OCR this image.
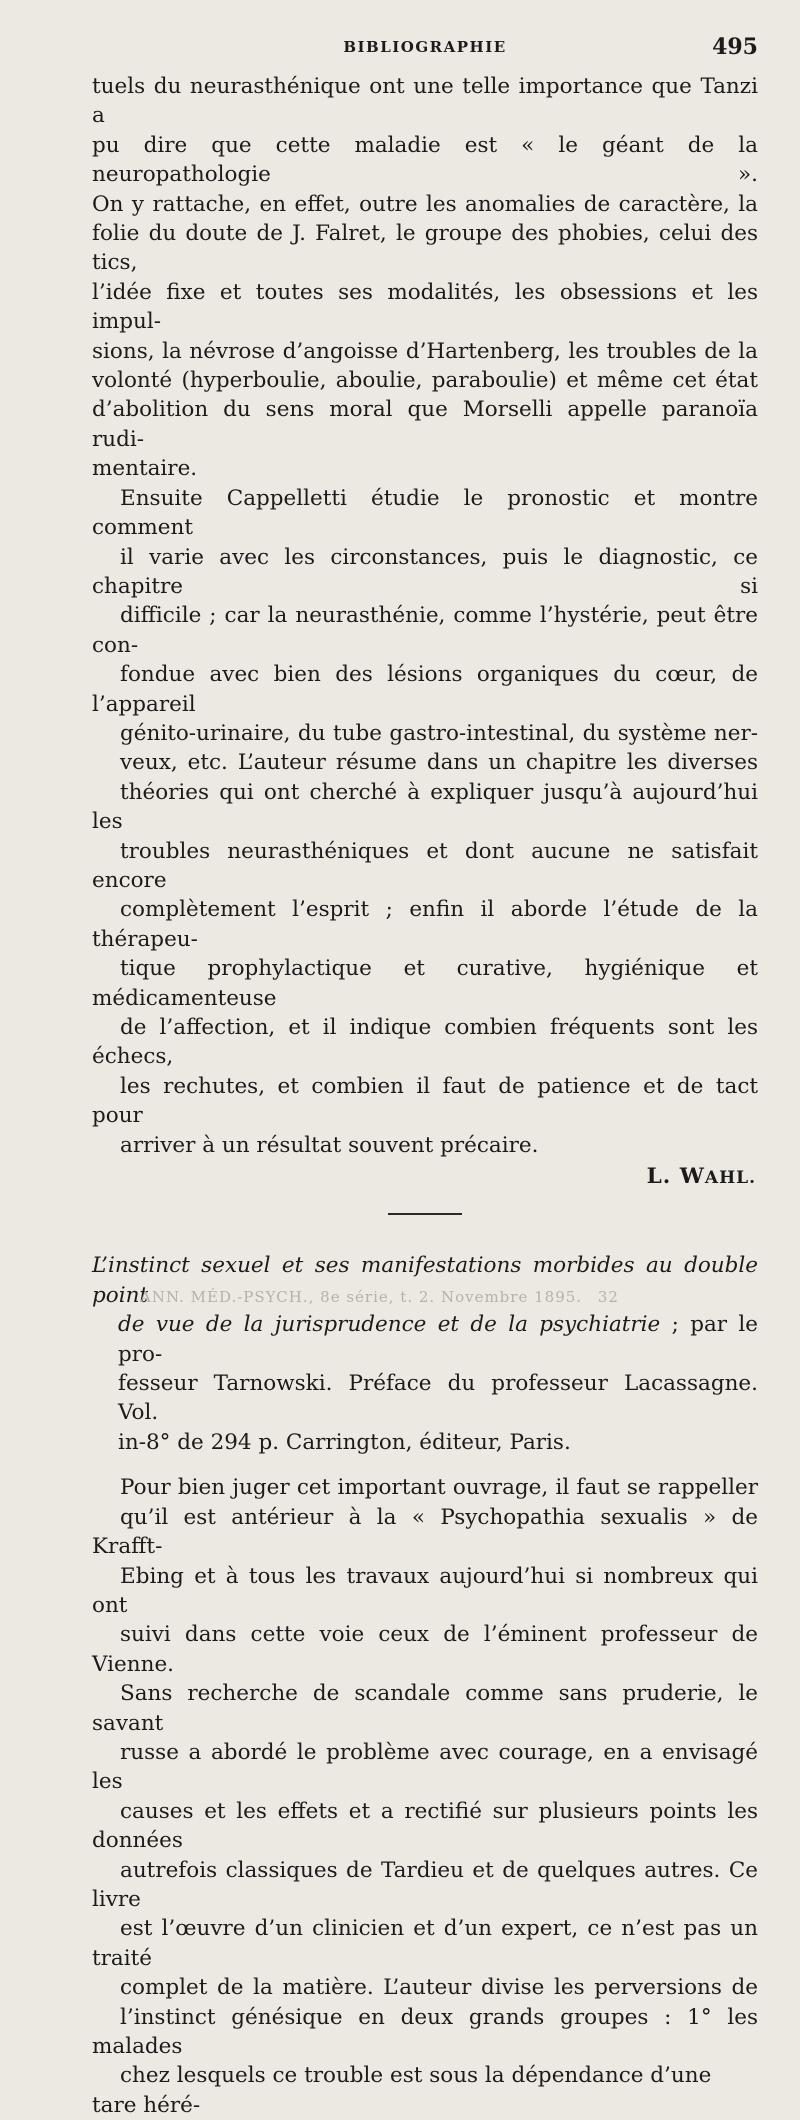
BIBLIOGRAPHIE	495

tuels du neurasthénique ont une telle importance que Tanzi a
pu dire que cette maladie est « le géant de la neuropathologie ».
On y rattache, en effet, outre les anomalies de caractère, la
folie du doute de J. Falret, le groupe des phobies, celui des tics,
l’idée fixe et toutes ses modalités, les obsessions et les impul-
sions, la névrose d’angoisse d’Hartenberg, les troubles de la
volonté (hyperboulie, aboulie, paraboulie) et même cet état
d’abolition du sens moral que Morselli appelle paranoïa rudi-
mentaire.

Ensuite Cappelletti étudie le pronostic et montre comment
il varie avec les circonstances, puis le diagnostic, ce chapitre si
difficile ; car la neurasthénie, comme l’hystérie, peut être con-
fondue avec bien des lésions organiques du cœur, de l’appareil
génito-urinaire, du tube gastro-intestinal, du système ner-
veux, etc. L’auteur résume dans un chapitre les diverses
théories qui ont cherché à expliquer jusqu’à aujourd’hui les
troubles neurasthéniques et dont aucune ne satisfait encore
complètement l’esprit ; enfin il aborde l’étude de la thérapeu-
tique prophylactique et curative, hygiénique et médicamenteuse
de l’affection, et il indique combien fréquents sont les échecs,
les rechutes, et combien il faut de patience et de tact pour
arriver à un résultat souvent précaire.

L. WAHL.

L’instinct sexuel et ses manifestations morbides au double point
de vue de la jurisprudence et de la psychiatrie ; par le pro-
fesseur Tarnowski. Préface du professeur Lacassagne. Vol.
in-8° de 294 p. Carrington, éditeur, Paris.

Pour bien juger cet important ouvrage, il faut se rappeller
qu’il est antérieur à la « Psychopathia sexualis » de Krafft-
Ebing et à tous les travaux aujourd’hui si nombreux qui ont
suivi dans cette voie ceux de l’éminent professeur de Vienne.
Sans recherche de scandale comme sans pruderie, le savant
russe a abordé le problème avec courage, en a envisagé les
causes et les effets et a rectifié sur plusieurs points les données
autrefois classiques de Tardieu et de quelques autres. Ce livre
est l’œuvre d’un clinicien et d’un expert, ce n’est pas un traité
complet de la matière. L’auteur divise les perversions de
l’instinct génésique en deux grands groupes : 1° les malades
chez lesquels ce trouble est sous la dépendance d’une tare héré-

ANN. MÉD.-PSYCH., 8e série, t. 2. Novembre 1895. 32
